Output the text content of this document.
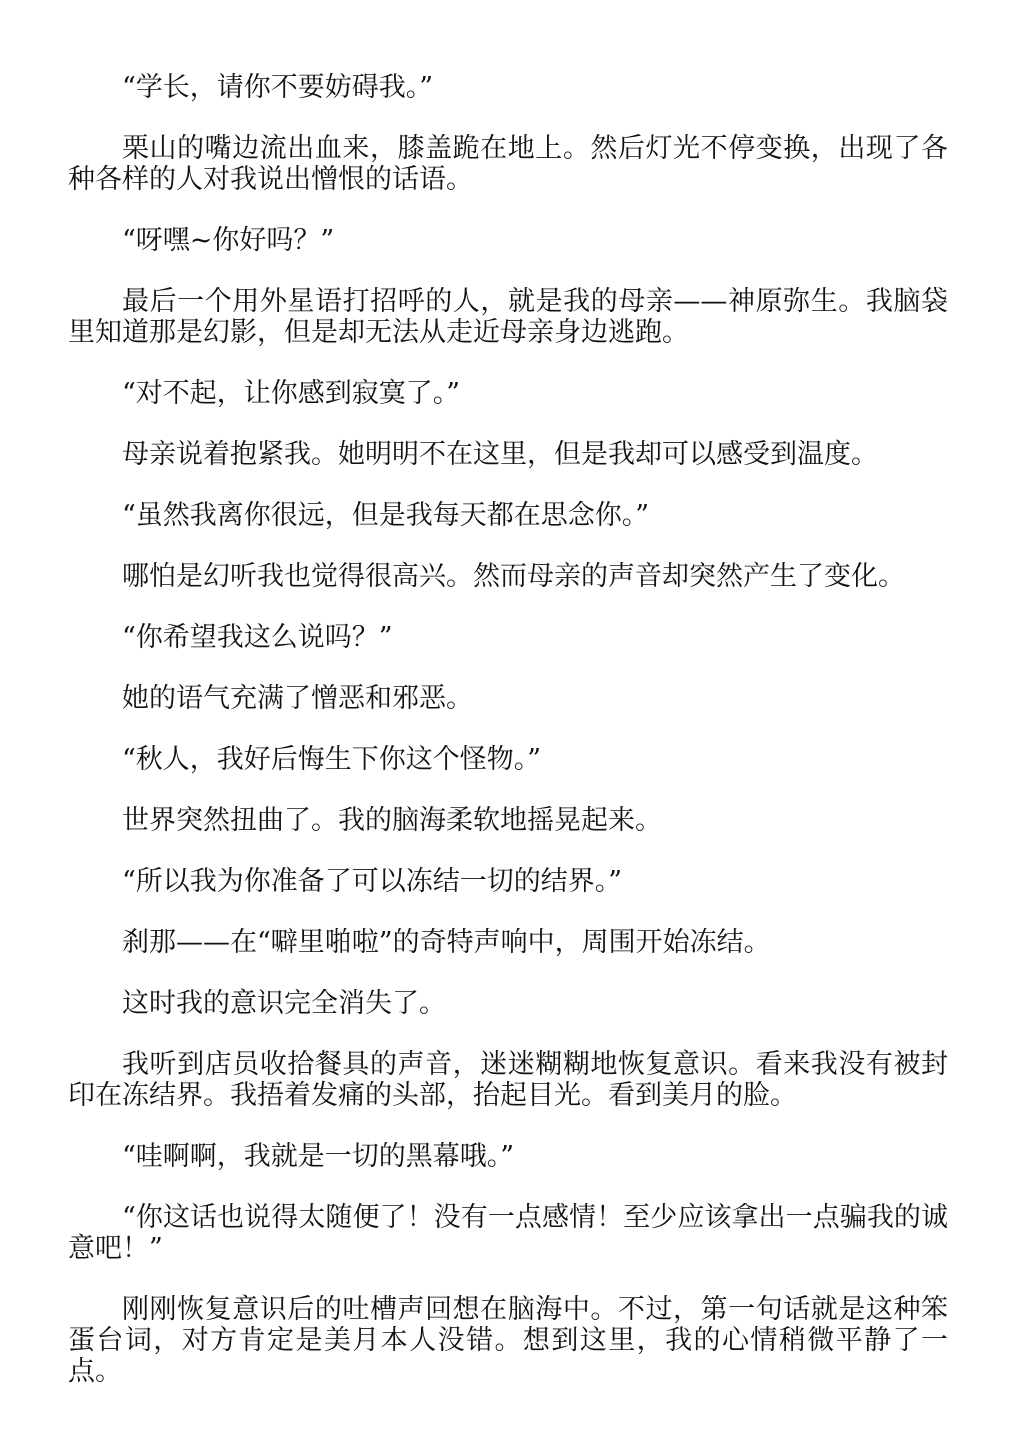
“学长，请你不要妨碍我。”

栗山的嘴边流出血来，膝盖跪在地上。然后灯光不停变换，出现了各种各样的人对我说出憎恨的话语。

“呀嘿~你好吗？”

最后一个用外星语打招呼的人，就是我的母亲——神原弥生。我脑袋里知道那是幻影，但是却无法从走近母亲身边逃跑。

“对不起，让你感到寂寞了。”

母亲说着抱紧我。她明明不在这里，但是我却可以感受到温度。

“虽然我离你很远，但是我每天都在思念你。”

哪怕是幻听我也觉得很高兴。然而母亲的声音却突然产生了变化。

“你希望我这么说吗？”

她的语气充满了憎恶和邪恶。

“秋人，我好后悔生下你这个怪物。”

世界突然扭曲了。我的脑海柔软地摇晃起来。

“所以我为你准备了可以冻结一切的结界。”

刹那——在“噼里啪啦”的奇特声响中，周围开始冻结。

这时我的意识完全消失了。

我听到店员收拾餐具的声音，迷迷糊糊地恢复意识。看来我没有被封印在冻结界。我捂着发痛的头部，抬起目光。看到美月的脸。

“哇啊啊，我就是一切的黑幕哦。”

“你这话也说得太随便了！没有一点感情！至少应该拿出一点骗我的诚意吧！”

刚刚恢复意识后的吐槽声回想在脑海中。不过，第一句话就是这种笨蛋台词，对方肯定是美月本人没错。想到这里，我的心情稍微平静了一点。
